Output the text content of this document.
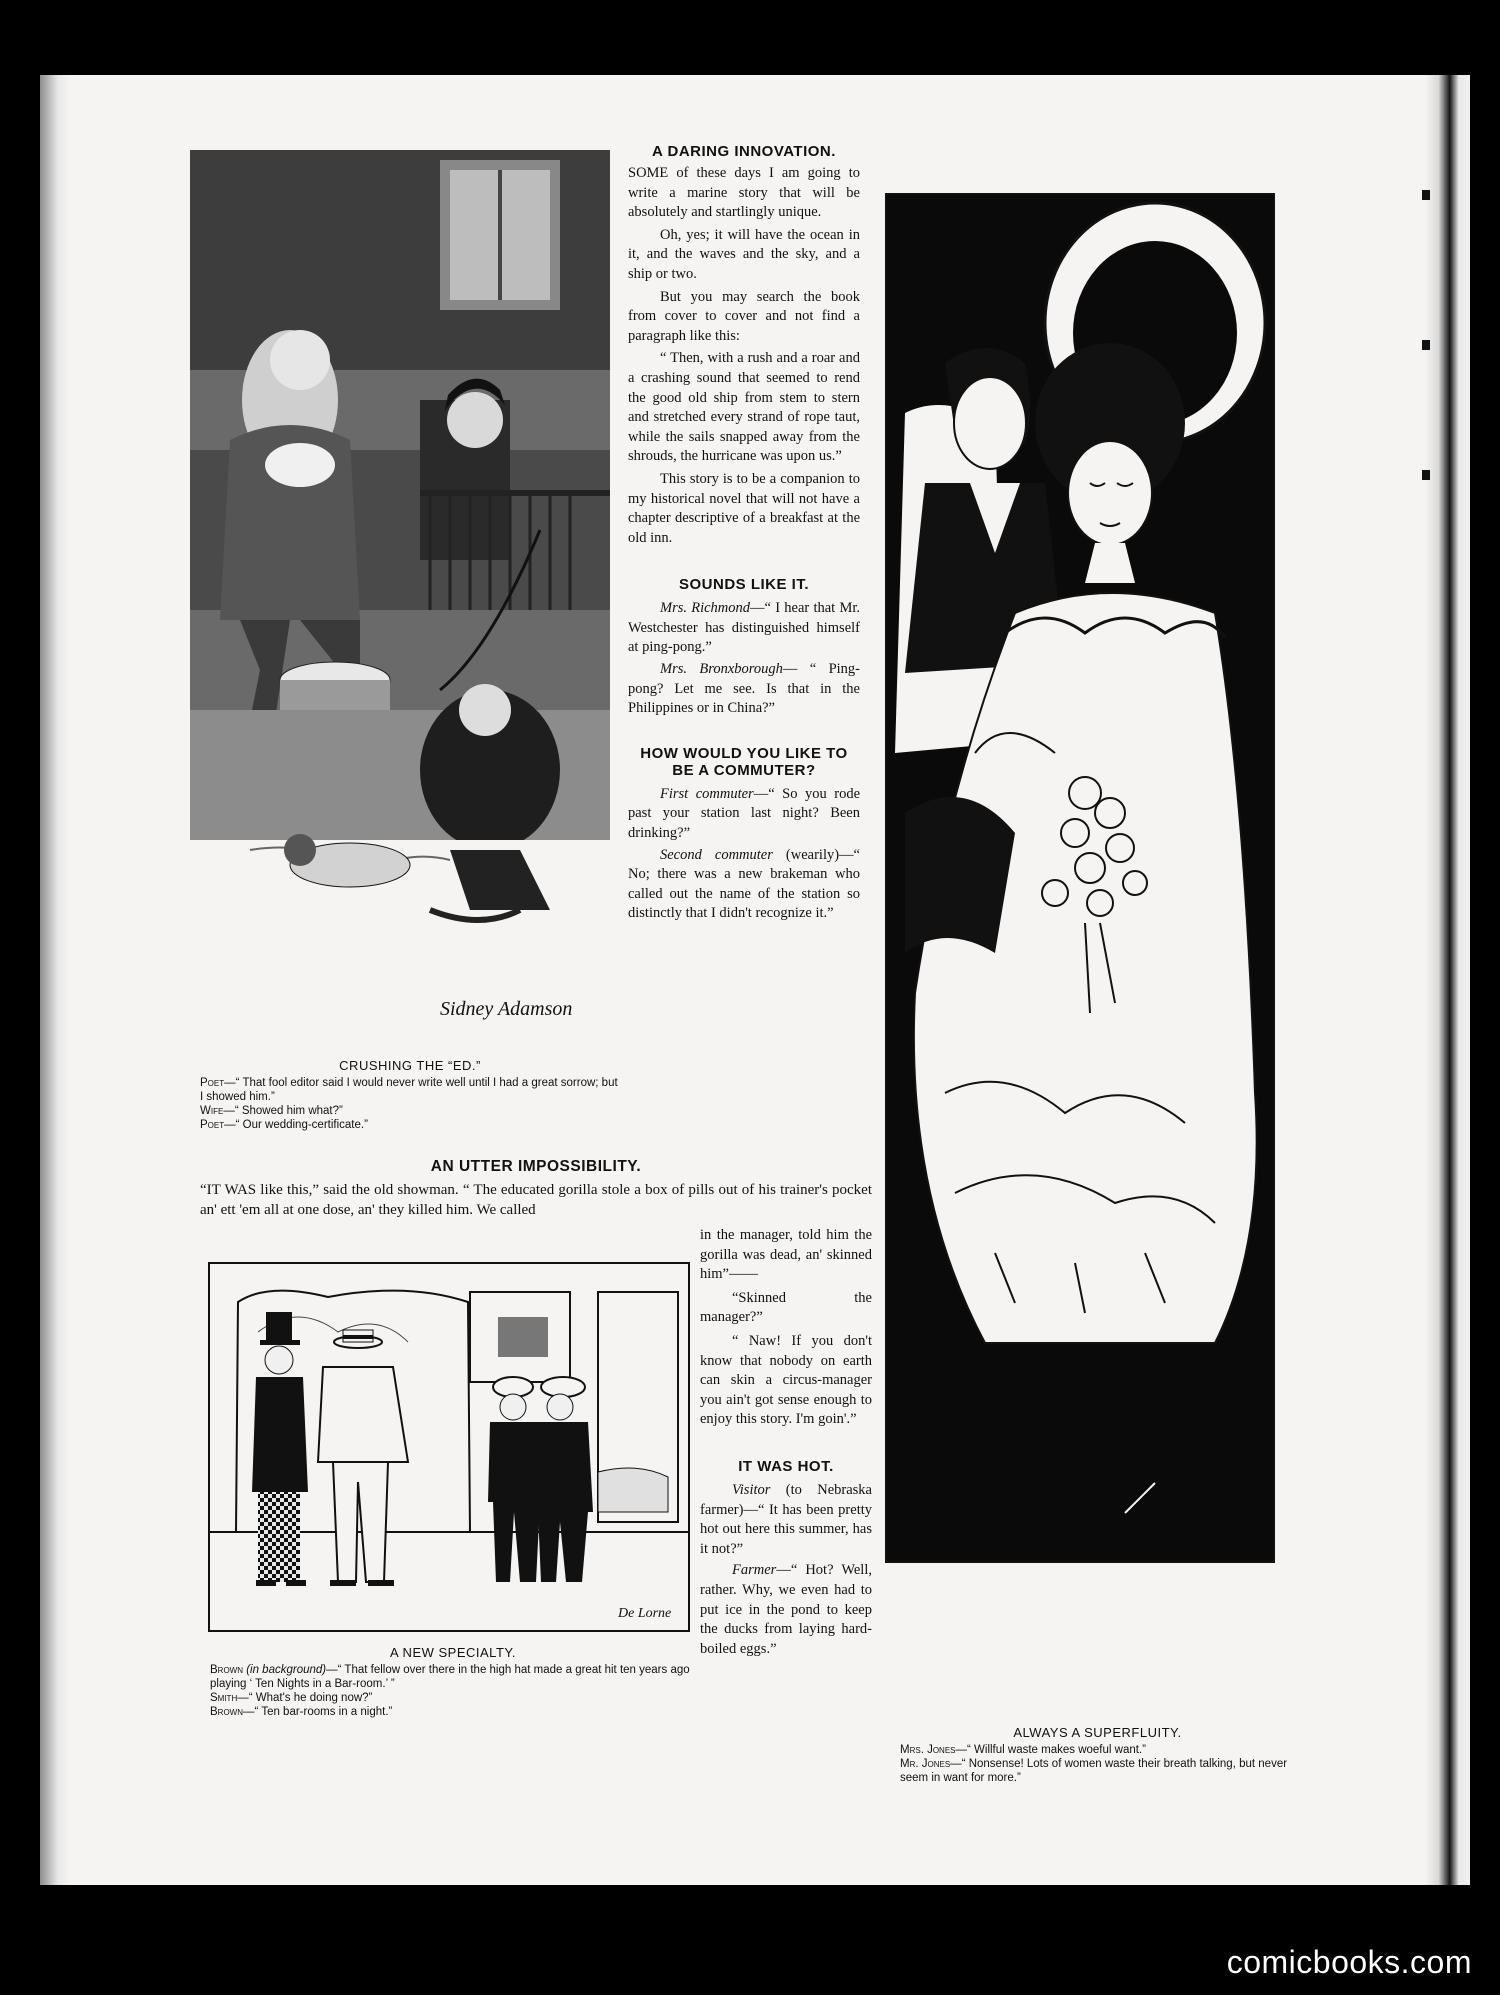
Sidney Adamson
CRUSHING THE “ED.”
Poet—“ That fool editor said I would never write well until I had a great sorrow; but I showed him.”
Wife—“ Showed him what?”
Poet—“ Our wedding-certificate.”
A DARING INNOVATION.

SOME of these days I am going to write a marine story that will be absolutely and startlingly unique.

Oh, yes; it will have the ocean in it, and the waves and the sky, and a ship or two.

But you may search the book from cover to cover and not find a paragraph like this:

“ Then, with a rush and a roar and a crashing sound that seemed to rend the good old ship from stem to stern and stretched every strand of rope taut, while the sails snapped away from the shrouds, the hurricane was upon us.”

This story is to be a companion to my historical novel that will not have a chapter descriptive of a breakfast at the old inn.

SOUNDS LIKE IT.

Mrs. Richmond—“ I hear that Mr. Westchester has distinguished himself at ping-pong.”

Mrs. Bronxborough— “ Ping-pong? Let me see. Is that in the Philippines or in China?”

HOW WOULD YOU LIKE TO BE A COMMUTER?

First commuter—“ So you rode past your station last night? Been drinking?”

Second commuter (wearily)—“ No; there was a new brakeman who called out the name of the station so distinctly that I didn't recognize it.”

AN UTTER IMPOSSIBILITY.

“IT WAS like this,” said the old showman. “ The educated gorilla stole a box of pills out of his trainer's pocket an' ett 'em all at one dose, an' they killed him. We called

in the manager, told him the gorilla was dead, an' skinned him”——

“Skinned the manager?”

“ Naw! If you don't know that nobody on earth can skin a circus-manager you ain't got sense enough to enjoy this story. I'm goin'.”

IT WAS HOT.

Visitor (to Nebraska farmer)—“ It has been pretty hot out here this summer, has it not?”

Farmer—“ Hot? Well, rather. Why, we even had to put ice in the pond to keep the ducks from laying hard-boiled eggs.”

De Lorne
A NEW SPECIALTY.
Brown (in background)—“ That fellow over there in the high hat made a great hit ten years ago playing ‘ Ten Nights in a Bar-room.’ ”
Smith—“ What's he doing now?”
Brown—“ Ten bar-rooms in a night.”
ALWAYS A SUPERFLUITY.
Mrs. Jones—“ Willful waste makes woeful want.”
Mr. Jones—“ Nonsense! Lots of women waste their breath talking, but never seem in want for more.”
comicbooks.com
